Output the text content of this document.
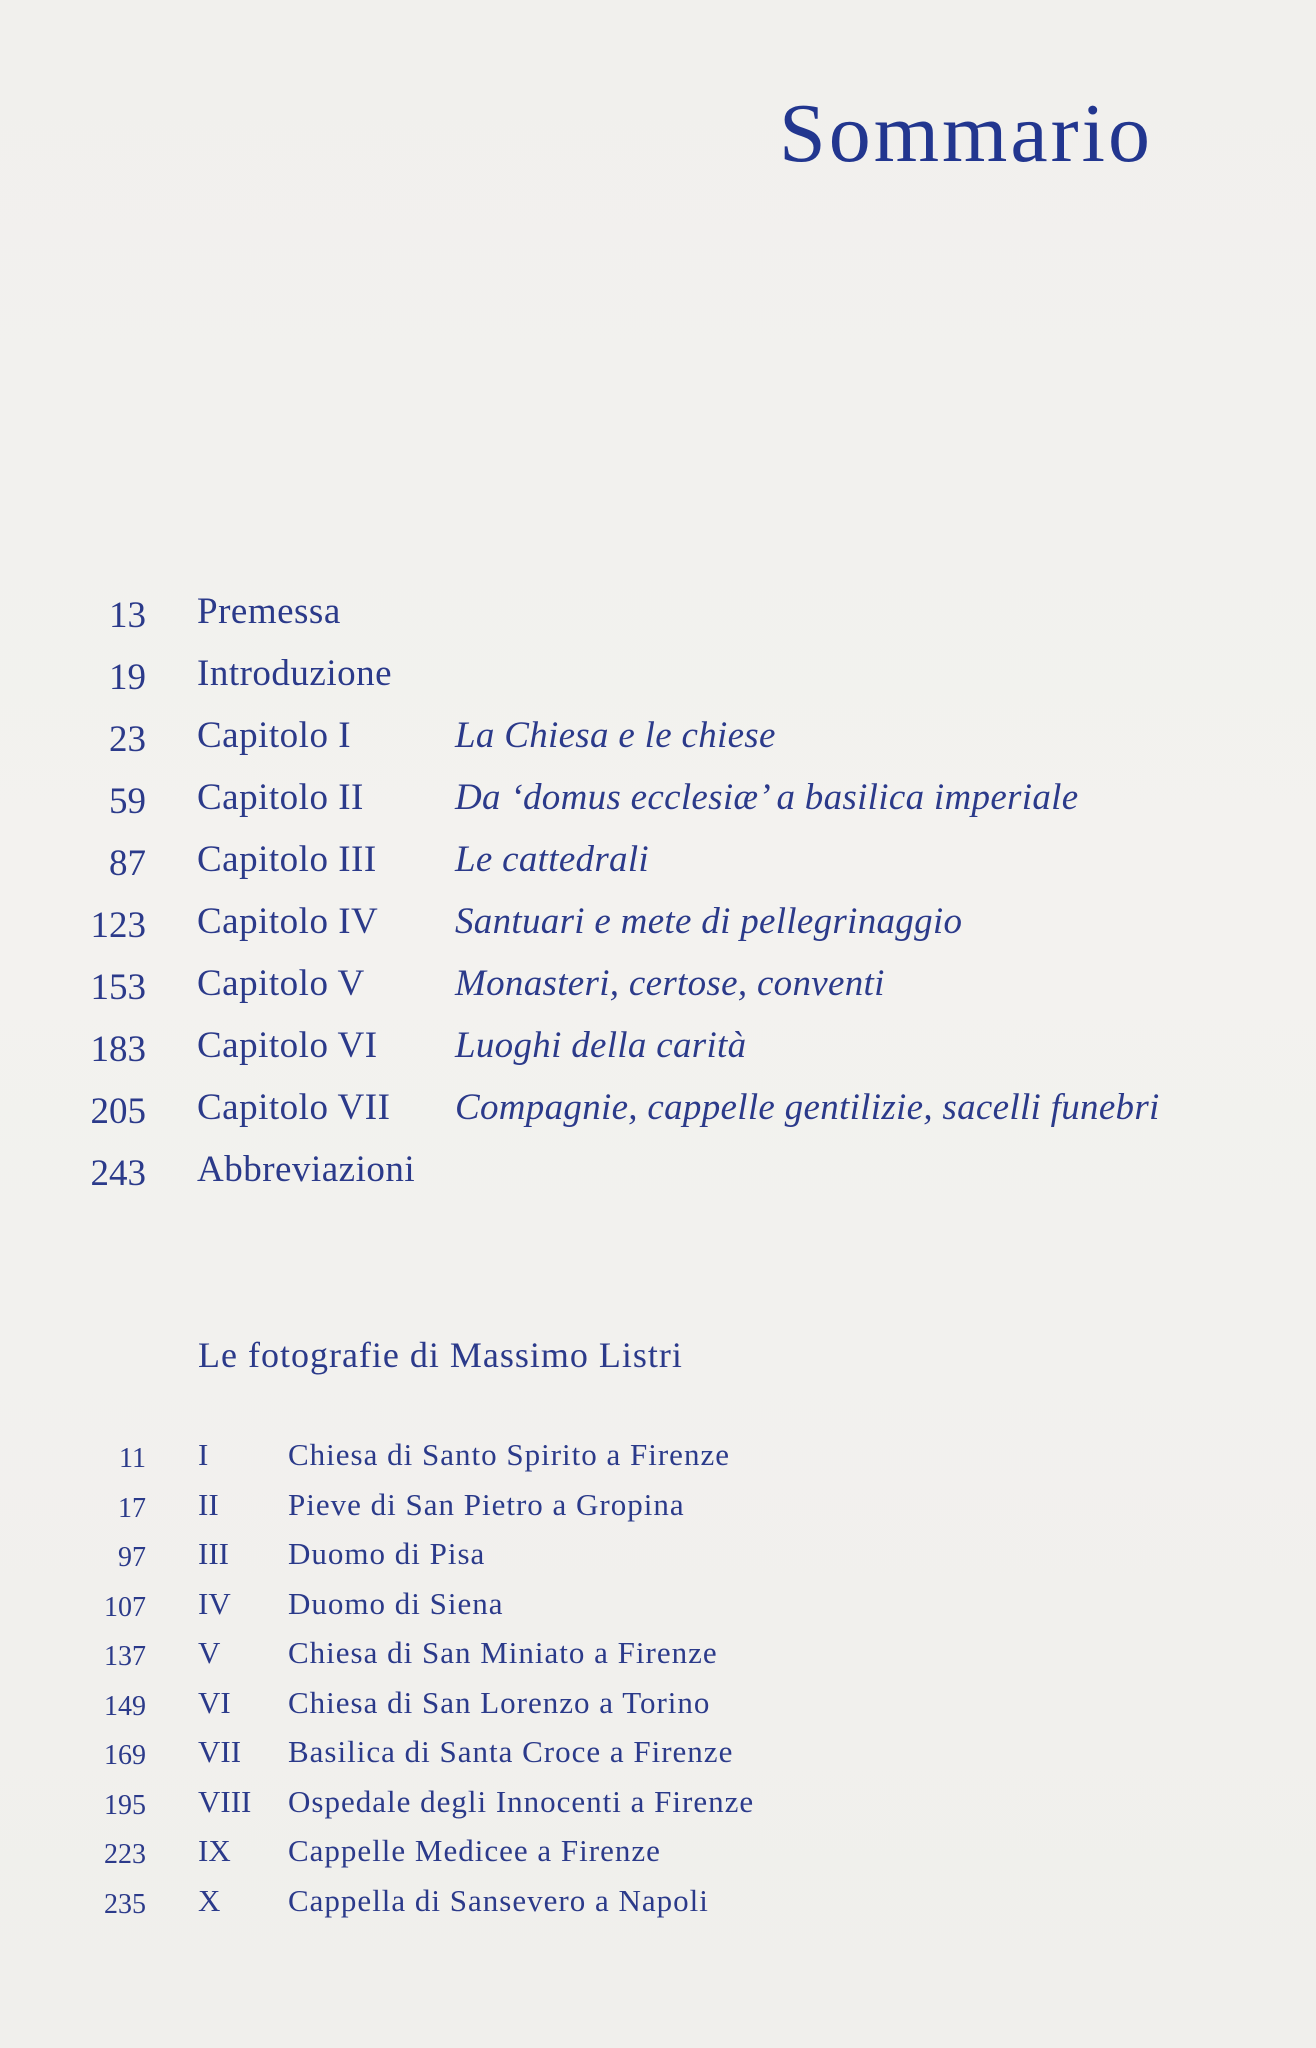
Sommario
13 Premessa
19 Introduzione
23 Capitolo I	La Chiesa e le chiese
59 Capitolo II Da ‘domus ecclesiæ’ a basilica imperiale
87 Capitolo III Le cattedrali
123 Capitolo IV Santuari e mete di pellegrinaggio
153 Capitolo V Monasteri, certose, conventi
183 Capitolo VI Luoghi della carità
205 Capitolo VII Compagnie, cappelle gentilizie, sacelli funebri
243 Abbreviazioni
Le fotografie di Massimo Listri
11 I	Chiesa di Santo Spirito a Firenze
17 II Pieve di San Pietro a Gropina
97 III Duomo di Pisa
107 IV Duomo di Siena
137 V Chiesa di San Miniato a Firenze
149 VI Chiesa di San Lorenzo a Torino
169 VII Basilica di Santa Croce a Firenze
195 VIII Ospedale degli Innocenti a Firenze
223 IX Cappelle Medicee a Firenze
235 X Cappella di Sansevero a Napoli
